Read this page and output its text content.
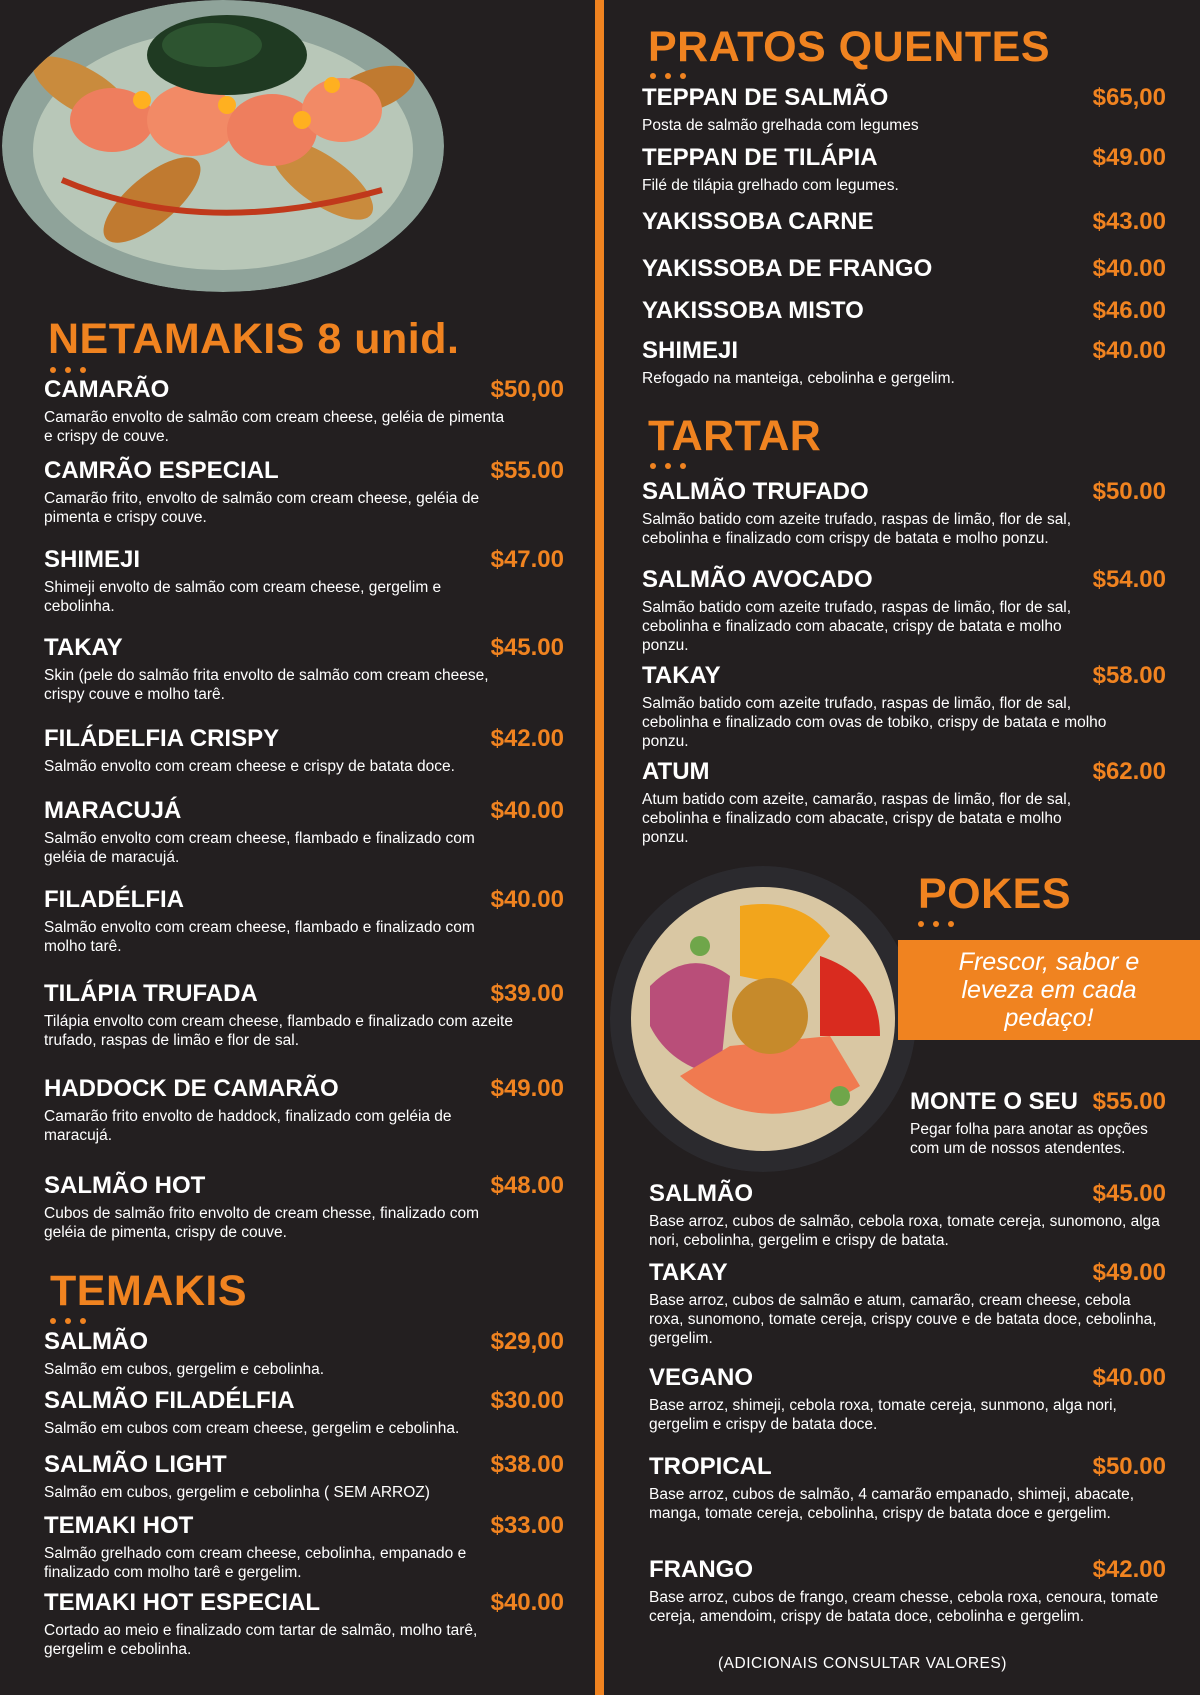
NETAMAKIS 8 unid.
CAMARÃO	$50,00
Camarão envolto de salmão com cream cheese, geléia de pimenta e crispy de couve.
CAMRÃO ESPECIAL	$55.00
Camarão frito, envolto de salmão com cream cheese, geléia de pimenta e crispy couve.
SHIMEJI	$47.00
Shimeji envolto de salmão com cream cheese, gergelim e cebolinha.
TAKAY	$45.00
Skin (pele do salmão frita envolto de salmão com cream cheese, crispy couve e molho tarê.
FILÁDELFIA CRISPY	$42.00
Salmão envolto com cream cheese e crispy de batata doce.
MARACUJÁ	$40.00
Salmão envolto com cream cheese, flambado e finalizado com geléia de maracujá.
FILADÉLFIA	$40.00
Salmão envolto com cream cheese, flambado e finalizado com molho tarê.
TILÁPIA TRUFADA	$39.00
Tilápia envolto com cream cheese, flambado e finalizado com azeite trufado, raspas de limão e flor de sal.
HADDOCK DE CAMARÃO	$49.00
Camarão frito envolto de haddock, finalizado com geléia de maracujá.
SALMÃO HOT	$48.00
Cubos de salmão frito envolto de cream chesse, finalizado com geléia de pimenta, crispy de couve.
TEMAKIS
SALMÃO	$29,00
Salmão em cubos, gergelim e cebolinha.
SALMÃO FILADÉLFIA	$30.00
Salmão em cubos com cream cheese, gergelim e cebolinha.
SALMÃO LIGHT	$38.00
Salmão em cubos, gergelim e cebolinha ( SEM ARROZ)
TEMAKI HOT	$33.00
Salmão grelhado com cream cheese, cebolinha, empanado e finalizado com molho tarê e gergelim.
TEMAKI HOT ESPECIAL	$40.00
Cortado ao meio e finalizado com tartar de salmão, molho tarê, gergelim e cebolinha.
PRATOS QUENTES
TEPPAN DE SALMÃO	$65,00
Posta de salmão grelhada com legumes
TEPPAN DE TILÁPIA	$49.00
Filé de tilápia grelhado com legumes.
YAKISSOBA CARNE	$43.00
YAKISSOBA DE FRANGO	$40.00
YAKISSOBA MISTO	$46.00
SHIMEJI	$40.00
Refogado na manteiga, cebolinha e gergelim.
TARTAR
SALMÃO TRUFADO	$50.00
Salmão batido com azeite trufado, raspas de limão, flor de sal, cebolinha e finalizado com crispy de batata e molho ponzu.
SALMÃO AVOCADO	$54.00
Salmão batido com azeite trufado, raspas de limão, flor de sal, cebolinha e finalizado com abacate, crispy de batata e molho ponzu.
TAKAY	$58.00
Salmão batido com azeite trufado, raspas de limão, flor de sal, cebolinha e finalizado com ovas de tobiko, crispy de batata e molho ponzu.
ATUM	$62.00
Atum batido com azeite, camarão, raspas de limão, flor de sal, cebolinha e finalizado com abacate, crispy de batata e molho ponzu.
POKES
Frescor, sabor e leveza em cada pedaço!
MONTE O SEU $55.00
Pegar folha para anotar as opções com um de nossos atendentes.
SALMÃO	$45.00
Base arroz, cubos de salmão, cebola roxa, tomate cereja, sunomono, alga nori, cebolinha, gergelim e crispy de batata.
TAKAY	$49.00
Base arroz, cubos de salmão e atum, camarão, cream cheese, cebola roxa, sunomono, tomate cereja, crispy couve e de batata doce, cebolinha, gergelim.
VEGANO	$40.00
Base arroz, shimeji, cebola roxa, tomate cereja, sunmono, alga nori, gergelim e crispy de batata doce.
TROPICAL	$50.00
Base arroz, cubos de salmão, 4 camarão empanado, shimeji, abacate, manga, tomate cereja, cebolinha, crispy de batata doce e gergelim.
FRANGO	$42.00
Base arroz, cubos de frango, cream chesse, cebola roxa, cenoura, tomate cereja, amendoim, crispy de batata doce, cebolinha e gergelim.
(ADICIONAIS CONSULTAR VALORES)
